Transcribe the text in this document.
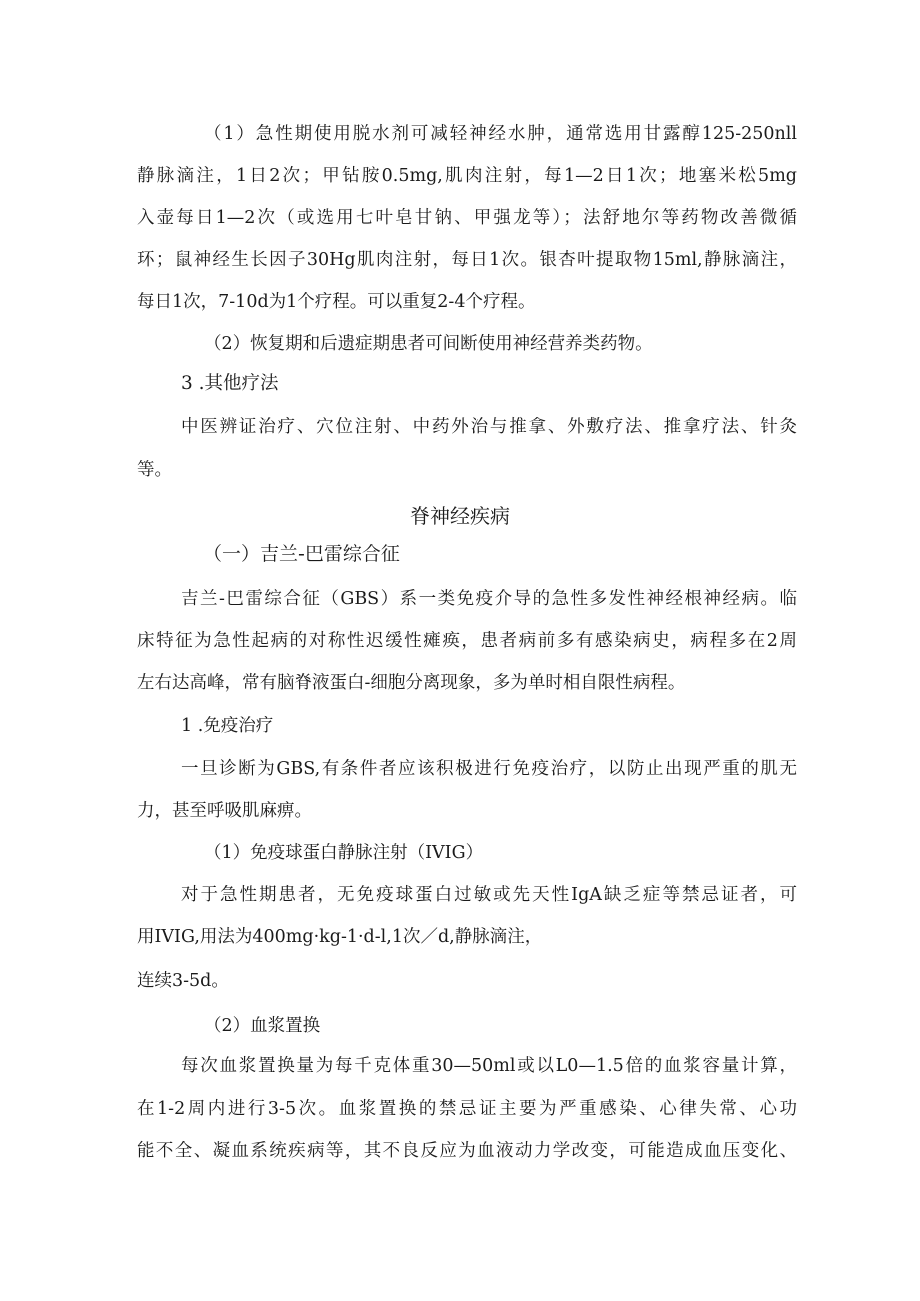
（1）急性期使用脱水剂可减轻神经水肿，通常选用甘露醇125-250nll
静脉滴注，1日2次；甲钻胺0.5mg,肌肉注射，每1—2日1次；地塞米松5mg
入壶每日1—2次（或选用七叶皂甘钠、甲强龙等）；法舒地尔等药物改善微循
环；鼠神经生长因子30Hg肌肉注射，每日1次。银杏叶提取物15ml,静脉滴注，
每日1次，7-10d为1个疗程。可以重复2-4个疗程。
（2）恢复期和后遗症期患者可间断使用神经营养类药物。
3 .其他疗法
中医辨证治疗、穴位注射、中药外治与推拿、外敷疗法、推拿疗法、针灸
等。
脊神经疾病
（一）吉兰-巴雷综合征
吉兰-巴雷综合征（GBS）系一类免疫介导的急性多发性神经根神经病。临
床特征为急性起病的对称性迟缓性瘫痪，患者病前多有感染病史，病程多在2周
左右达高峰，常有脑脊液蛋白-细胞分离现象，多为单时相自限性病程。
1 .免疫治疗
一旦诊断为GBS,有条件者应该积极进行免疫治疗，以防止出现严重的肌无
力，甚至呼吸肌麻痹。
（1）免疫球蛋白静脉注射（IVIG）
对于急性期患者，无免疫球蛋白过敏或先天性IgA缺乏症等禁忌证者，可
用IVIG,用法为400mg·kg-1·d-l,1次／d,静脉滴注，
连续3-5d。
（2）血浆置换
每次血浆置换量为每千克体重30—50ml或以L0—1.5倍的血浆容量计算，
在1-2周内进行3-5次。血浆置换的禁忌证主要为严重感染、心律失常、心功
能不全、凝血系统疾病等，其不良反应为血液动力学改变，可能造成血压变化、
